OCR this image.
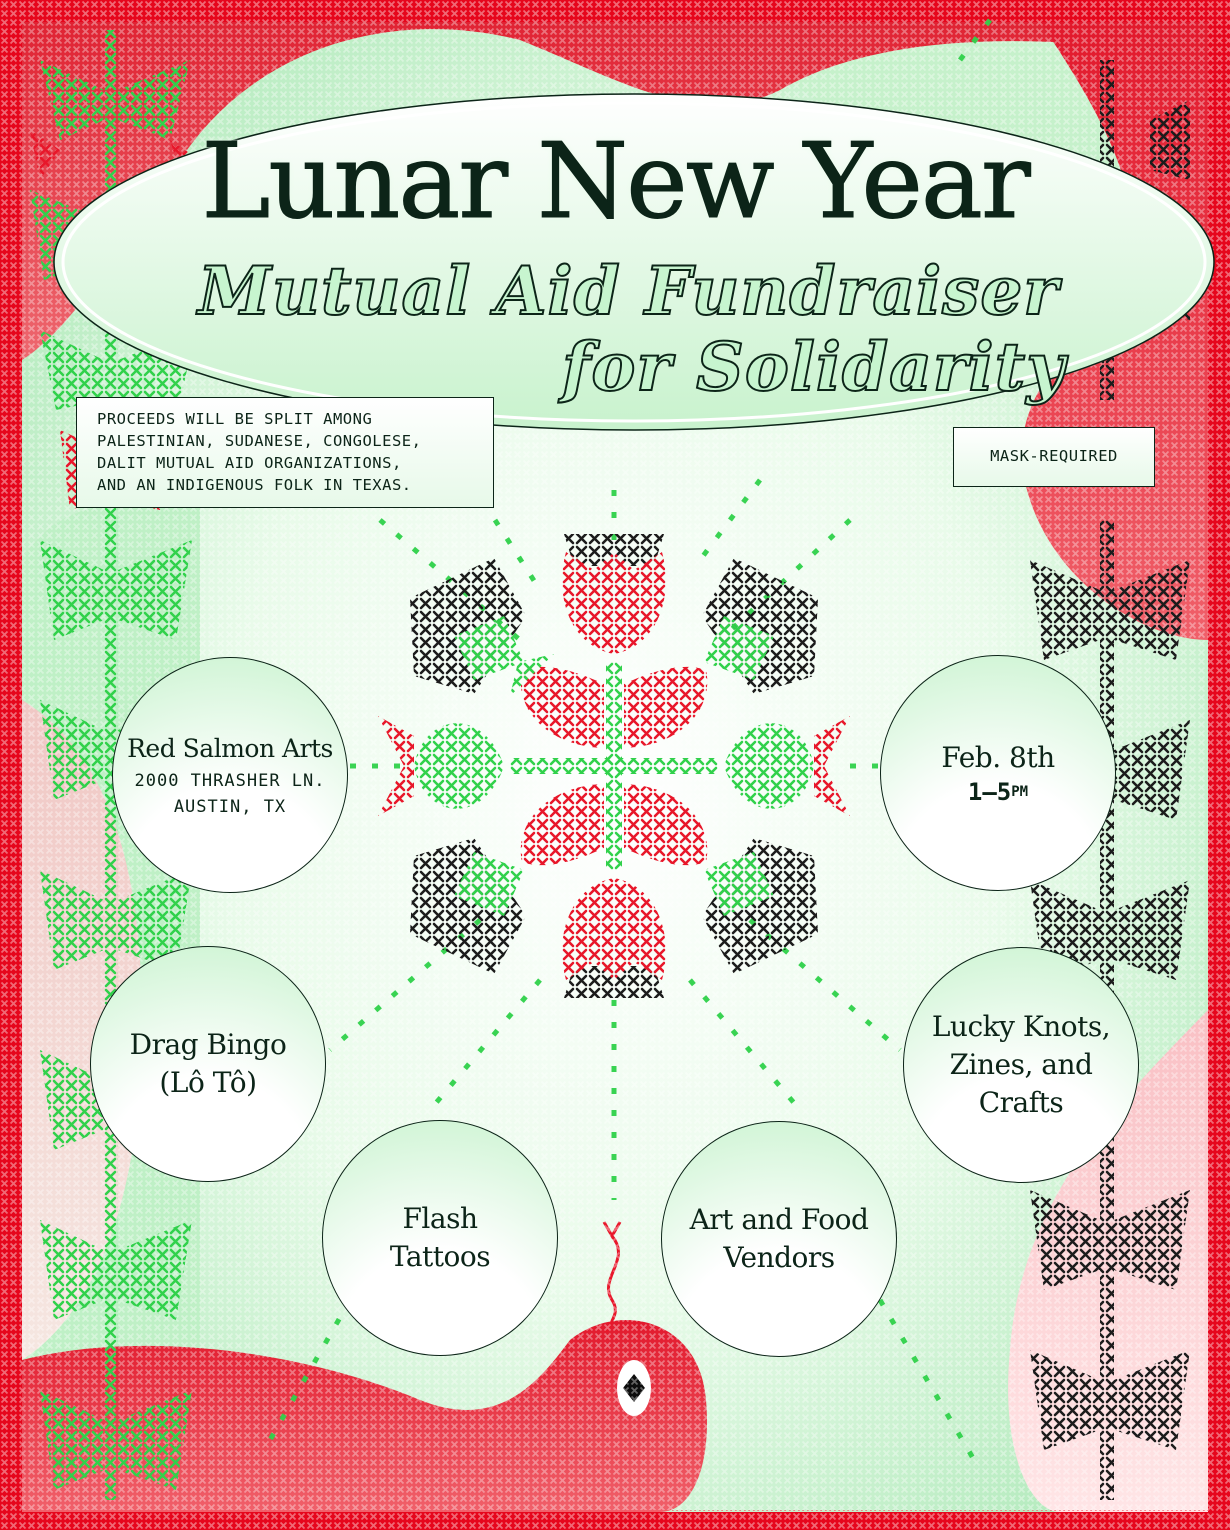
Lunar New Year
Mutual Aid Fundraiser
for Solidarity
PROCEEDS WILL BE SPLIT AMONG
PALESTINIAN, SUDANESE, CONGOLESE,
DALIT MUTUAL AID ORGANIZATIONS,
AND AN INDIGENOUS FOLK IN TEXAS.
MASK-REQUIRED
Red Salmon Arts
2000 THRASHER LN.
AUSTIN, TX
Feb. 8th
$1-5^{PM}$
Drag Bingo
(Lô Tô)
Lucky Knots,
Zines, and
Crafts
Flash
Tattoos
Art and Food
Vendors
